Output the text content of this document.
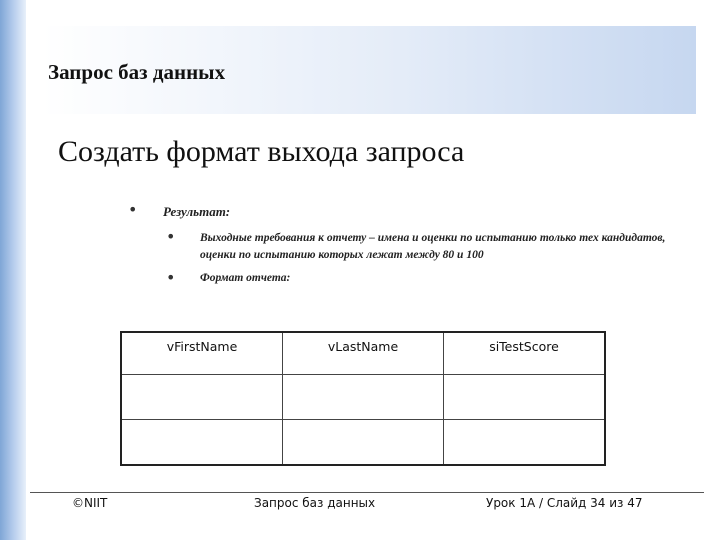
Запрос баз данных
Создать формат выхода запроса
• Результат:
• Выходные требования к отчету – имена и оценки по испытанию только тех кандидатов, оценки по испытанию которых лежат между 80 и 100
• Формат отчета:
vFirstName	vLastName	siTestScore

©NIIT	Запрос баз данных	Урок 1A / Слайд 34 из 47
